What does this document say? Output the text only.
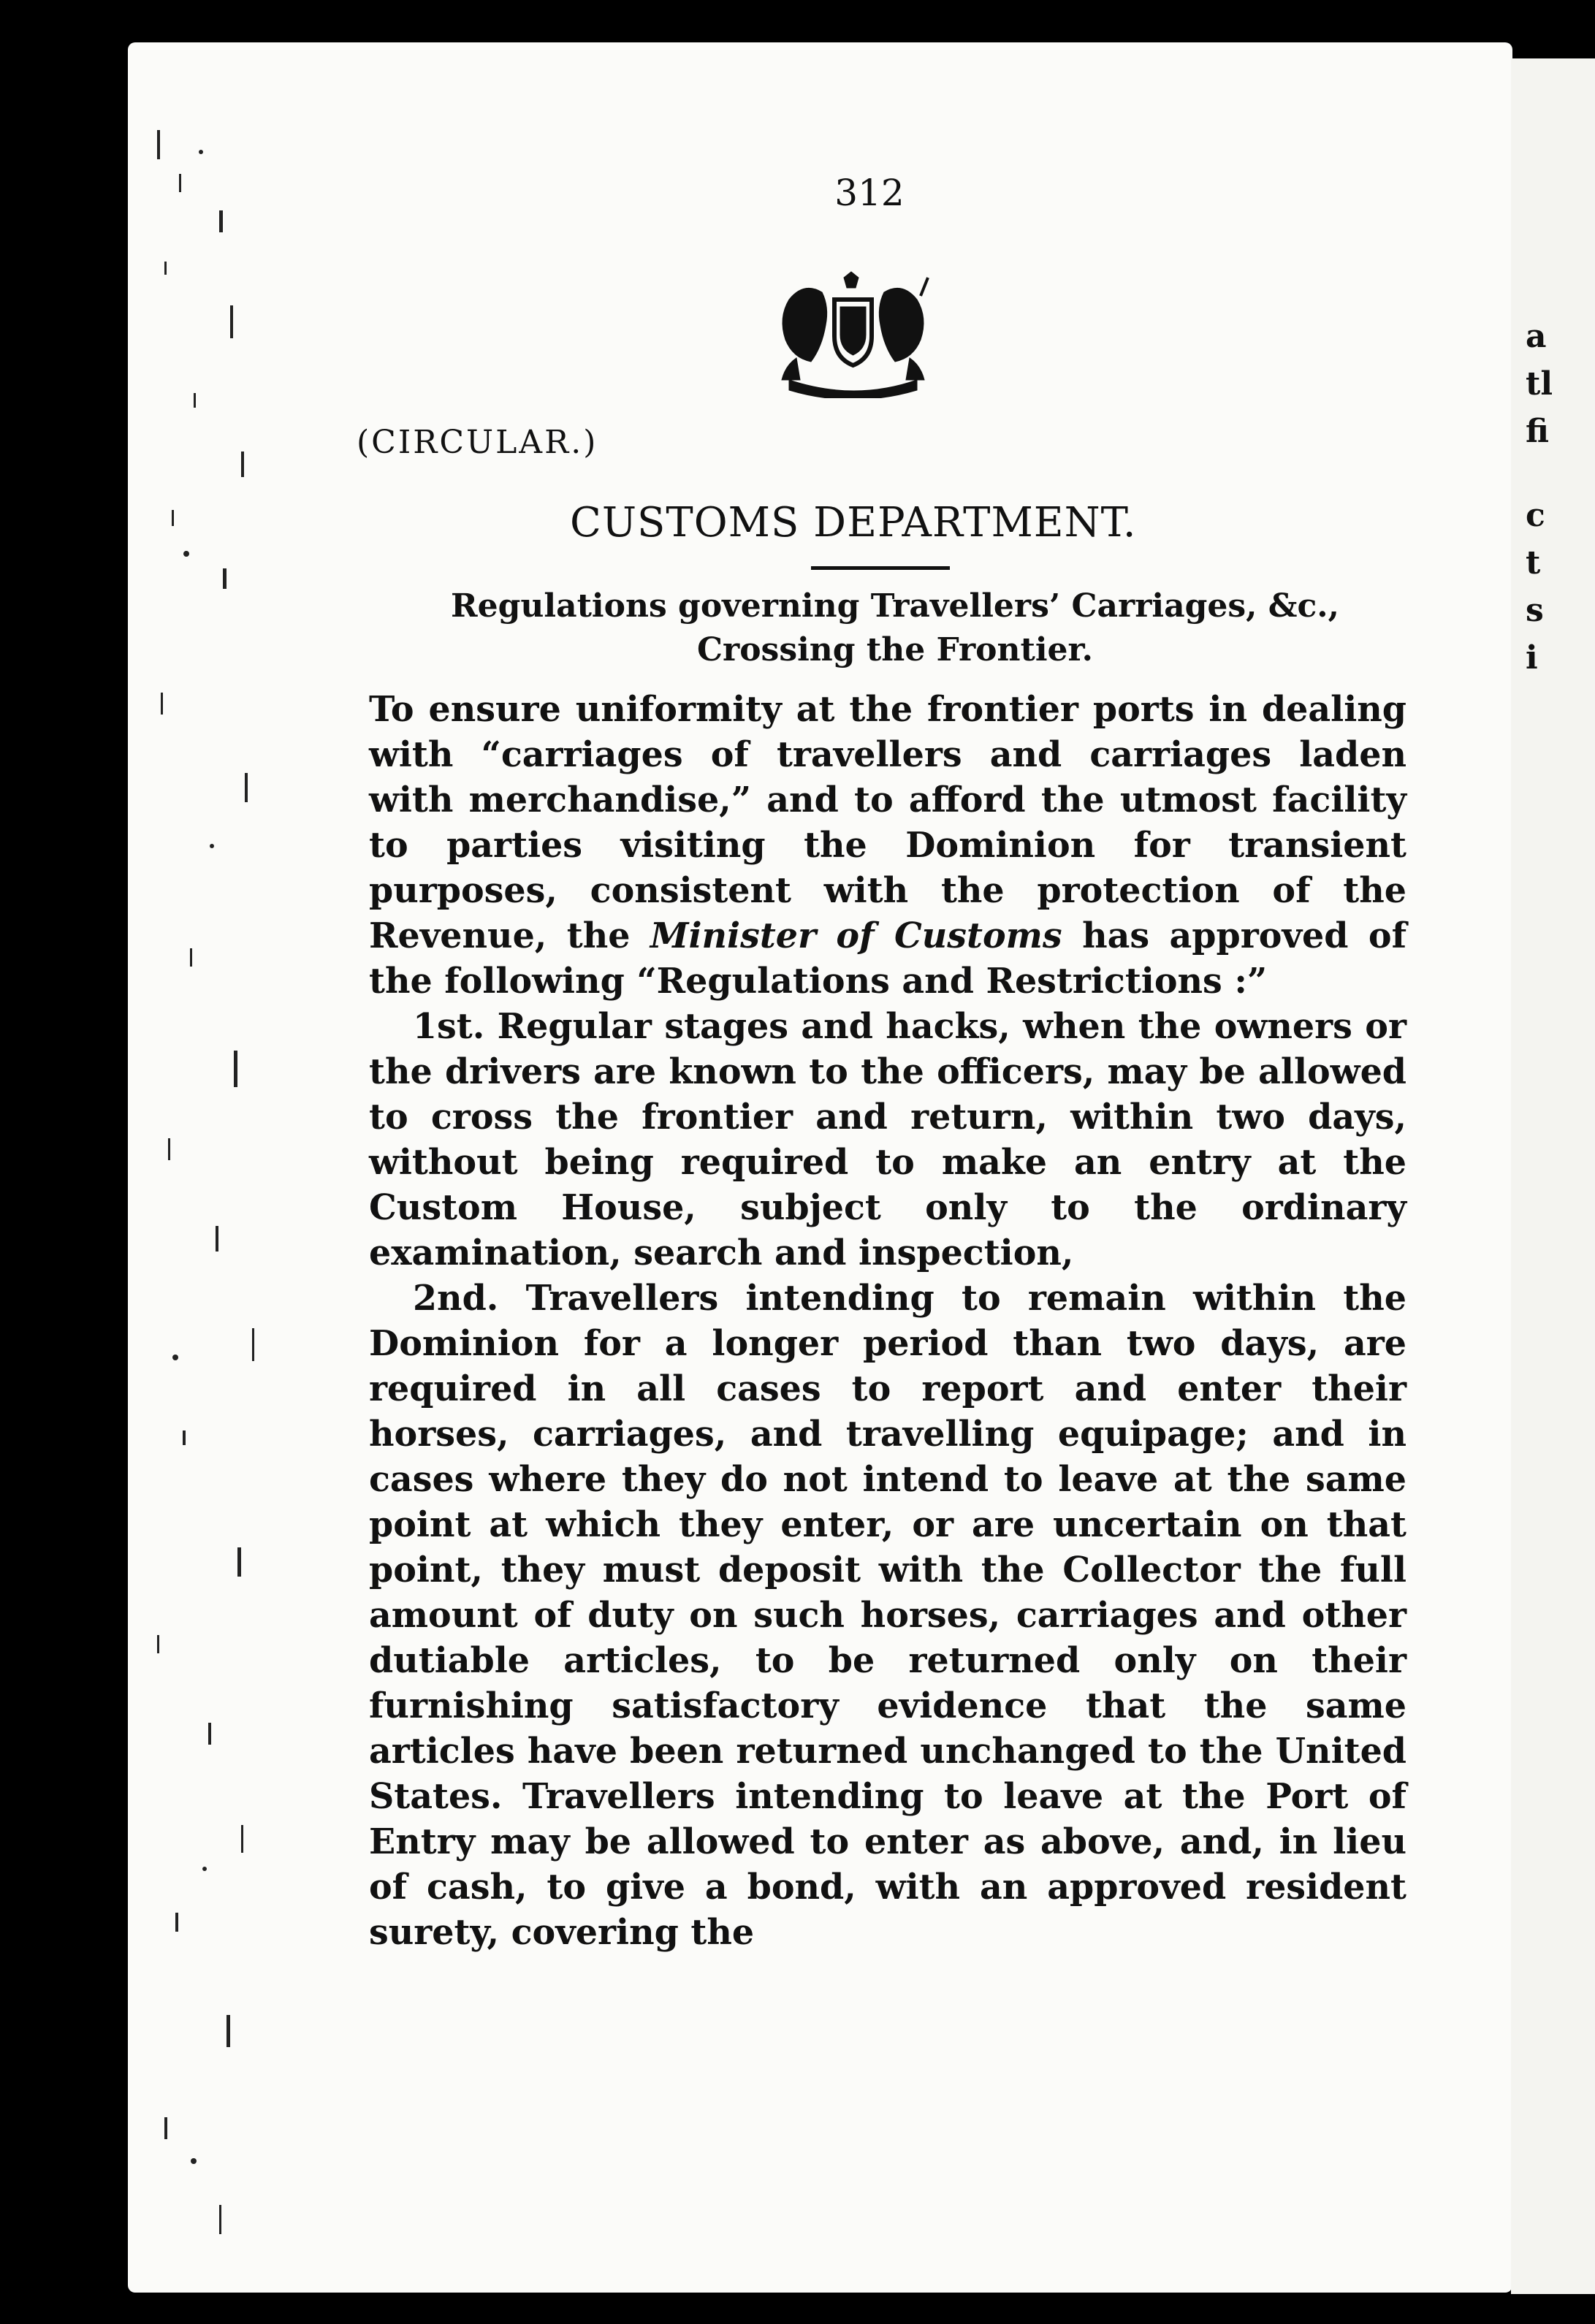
a
tl
fi
c
t
s
i
312
(CIRCULAR.)
CUSTOMS DEPARTMENT.
Regulations governing Travellers’ Carriages, &c.,
Crossing the Frontier.

To ensure uniformity at the frontier ports in dealing with “carriages of travellers and carriages laden with merchandise,” and to afford the utmost facility to parties visiting the Dominion for transient purposes, consistent with the protection of the Revenue, the Minister of Customs has approved of the following “Regulations and Restrictions :”

1st. Regular stages and hacks, when the owners or the drivers are known to the officers, may be allowed to cross the frontier and return, within two days, without being required to make an entry at the Custom House, subject only to the ordinary examination, search and inspection,

2nd. Travellers intending to remain within the Dominion for a longer period than two days, are required in all cases to report and enter their horses, carriages, and travelling equipage; and in cases where they do not intend to leave at the same point at which they enter, or are uncertain on that point, they must deposit with the Collector the full amount of duty on such horses, carriages and other dutiable articles, to be returned only on their furnishing satisfactory evidence that the same articles have been returned unchanged to the United States. Travellers intending to leave at the Port of Entry may be allowed to enter as above, and, in lieu of cash, to give a bond, with an approved resident surety, covering the
